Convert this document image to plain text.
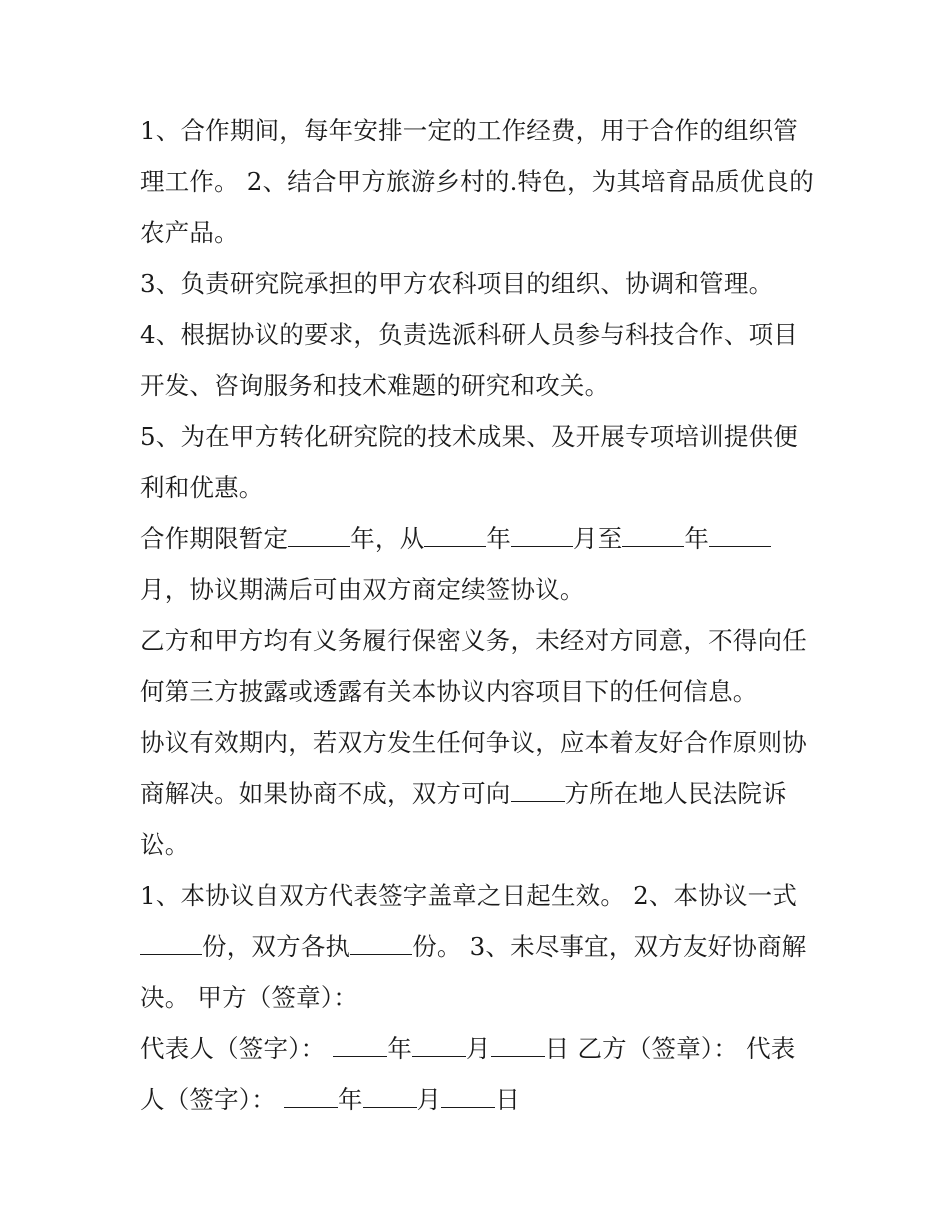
1、合作期间，每年安排一定的工作经费，用于合作的组织管理工作。 2、结合甲方旅游乡村的.特色，为其培育品质优良的农产品。

3、负责研究院承担的甲方农科项目的组织、协调和管理。

4、根据协议的要求，负责选派科研人员参与科技合作、项目开发、咨询服务和技术难题的研究和攻关。

5、为在甲方转化研究院的技术成果、及开展专项培训提供便利和优惠。

合作期限暂定	年，从	年	月至	年月，协议期满后可由双方商定续签协议。

乙方和甲方均有义务履行保密义务，未经对方同意，不得向任何第三方披露或透露有关本协议内容项目下的任何信息。

协议有效期内，若双方发生任何争议，应本着友好合作原则协商解决。如果协商不成，双方可向 方所在地人民法院诉讼。

1、本协议自双方代表签字盖章之日起生效。 2、本协议一式份，双方各执	份。 3、未尽事宜，双方友好协商解决。 甲方（签章）：

代表人（签字）： 年 月 日 乙方（签章）： 代表人（签字）： 年 月 日
